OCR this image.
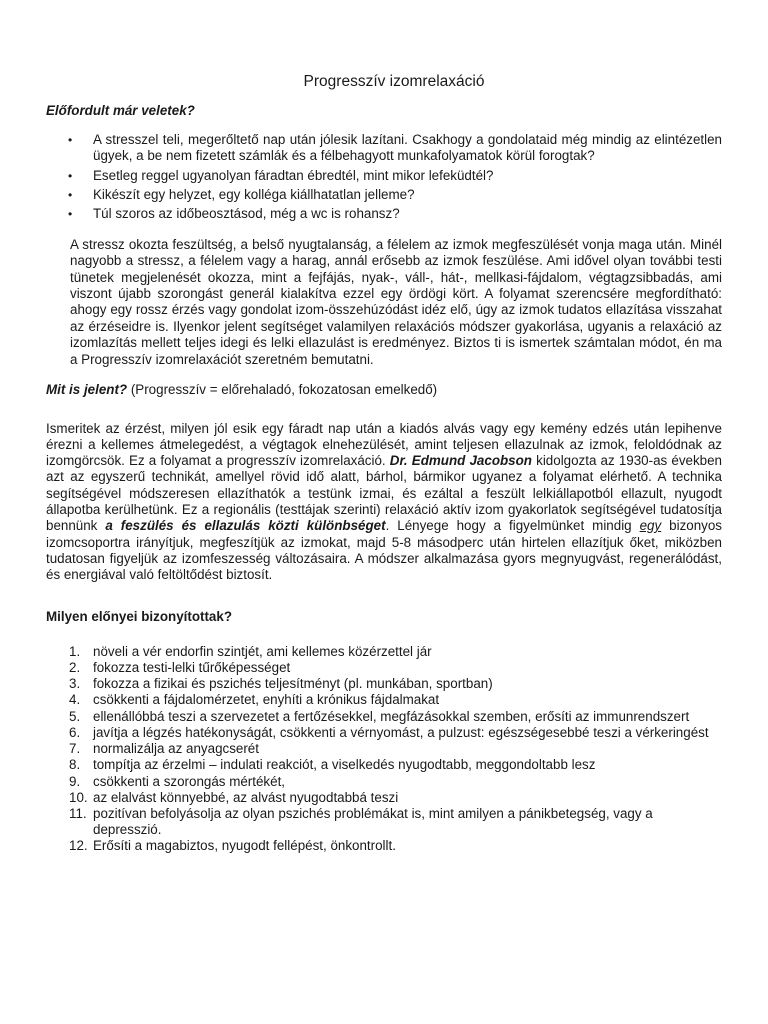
Progresszív izomrelaxáció

Előfordult már veletek?

• A stresszel teli, megerőltető nap után jólesik lazítani. Csakhogy a gondolataid még mindig az elintézetlen ügyek, a be nem fizetett számlák és a félbehagyott munkafolyamatok körül forogtak?
• Esetleg reggel ugyanolyan fáradtan ébredtél, mint mikor lefeküdtél?
• Kikészít egy helyzet, egy kolléga kiállhatatlan jelleme?
• Túl szoros az időbeosztásod, még a wc is rohansz?

A stressz okozta feszültség, a belső nyugtalanság, a félelem az izmok megfeszülését vonja maga után. Minél nagyobb a stressz, a félelem vagy a harag, annál erősebb az izmok feszülése. Ami idővel olyan további testi tünetek megjelenését okozza, mint a fejfájás, nyak-, váll-, hát-, mellkasi-fájdalom, végtagzsibbadás, ami viszont újabb szorongást generál kialakítva ezzel egy ördögi kört. A folyamat szerencsére megfordítható: ahogy egy rossz érzés vagy gondolat izom-összehúzódást idéz elő, úgy az izmok tudatos ellazítása visszahat az érzéseidre is. Ilyenkor jelent segítséget valamilyen relaxációs módszer gyakorlása, ugyanis a relaxáció az izomlazítás mellett teljes idegi és lelki ellazulást is eredményez. Biztos ti is ismertek számtalan módot, én ma a Progresszív izomrelaxációt szeretném bemutatni.

Mit is jelent? (Progresszív = előrehaladó, fokozatosan emelkedő)

Ismeritek az érzést, milyen jól esik egy fáradt nap után a kiadós alvás vagy egy kemény edzés után lepihenve érezni a kellemes átmelegedést, a végtagok elnehezülését, amint teljesen ellazulnak az izmok, feloldódnak az izomgörcsök. Ez a folyamat a progresszív izomrelaxáció. Dr. Edmund Jacobson kidolgozta az 1930-as években azt az egyszerű technikát, amellyel rövid idő alatt, bárhol, bármikor ugyanez a folyamat elérhető. A technika segítségével módszeresen ellazíthatók a testünk izmai, és ezáltal a feszült lelkiállapotból ellazult, nyugodt állapotba kerülhetünk. Ez a regionális (testtájak szerinti) relaxáció aktív izom gyakorlatok segítségével tudatosítja bennünk a feszülés és ellazulás közti különbséget. Lényege hogy a figyelmünket mindig egy bizonyos izomcsoportra irányítjuk, megfeszítjük az izmokat, majd 5-8 másodperc után hirtelen ellazítjuk őket, miközben tudatosan figyeljük az izomfeszesség változásaira. A módszer alkalmazása gyors megnyugvást, regenerálódást, és energiával való feltöltődést biztosít.

Milyen előnyei bizonyítottak?

1. növeli a vér endorfin szintjét, ami kellemes közérzettel jár
2. fokozza testi-lelki tűrőképességet
3. fokozza a fizikai és pszichés teljesítményt (pl. munkában, sportban)
4. csökkenti a fájdalomérzetet, enyhíti a krónikus fájdalmakat
5. ellenállóbbá teszi a szervezetet a fertőzésekkel, megfázásokkal szemben, erősíti az immunrendszert
6. javítja a légzés hatékonyságát, csökkenti a vérnyomást, a pulzust: egészségesebbé teszi a vérkeringést
7. normalizálja az anyagcserét
8. tompítja az érzelmi – indulati reakciót, a viselkedés nyugodtabb, meggondoltabb lesz
9. csökkenti a szorongás mértékét,
10. az elalvást könnyebbé, az alvást nyugodtabbá teszi
11. pozitívan befolyásolja az olyan pszichés problémákat is, mint amilyen a pánikbetegség, vagy a depresszió.
12. Erősíti a magabiztos, nyugodt fellépést, önkontrollt.
